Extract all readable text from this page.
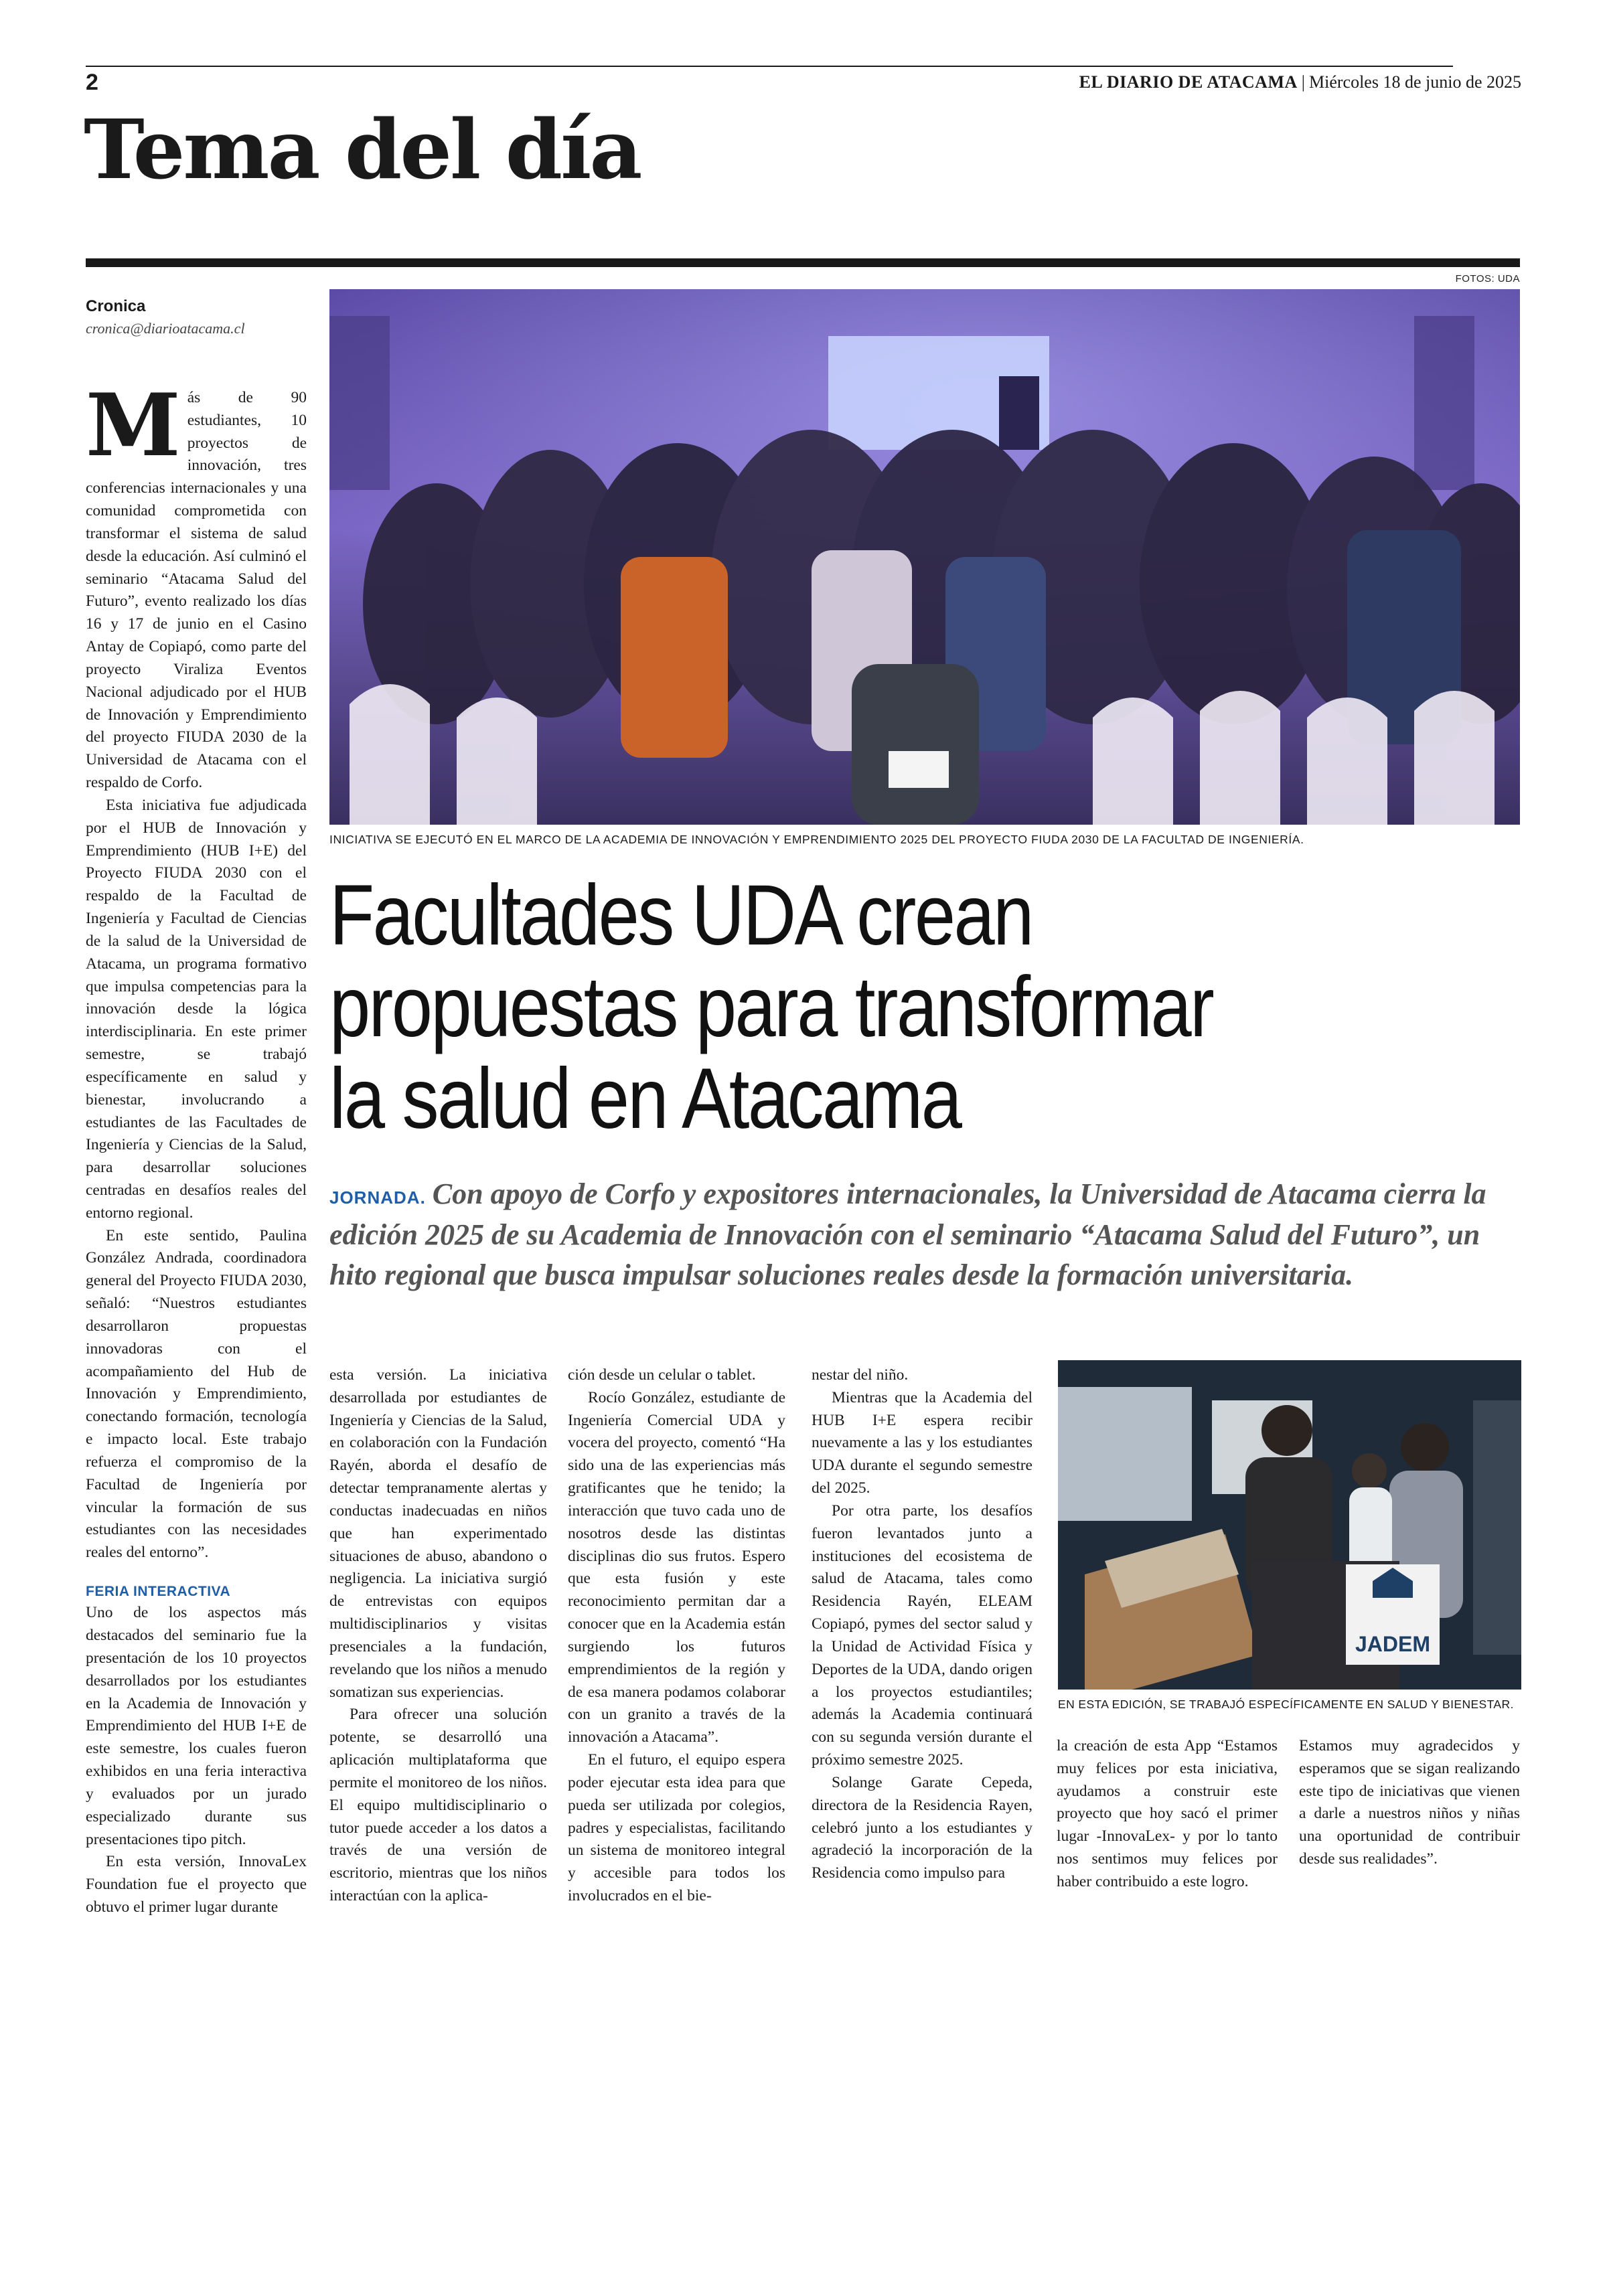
2	EL DIARIO DE ATACAMA | Miércoles 18 de junio de 2025
Tema del día
Cronica
cronica@diarioatacama.cl
FOTOS: UDA
INICIATIVA SE EJECUTÓ EN EL MARCO DE LA ACADEMIA DE INNOVACIÓN Y EMPRENDIMIENTO 2025 DEL PROYECTO FIUDA 2030 DE LA FACULTAD DE INGENIERÍA.
Facultades UDA crean
propuestas para transformar
la salud en Atacama
JORNADA. Con apoyo de Corfo y expositores internacionales, la Universidad de Atacama cierra la edición 2025 de su Academia de Innovación con el seminario “Atacama Salud del Futuro”, un hito regional que busca impulsar soluciones reales desde la formación universitaria.

Más de 90 estudiantes, 10 proyectos de innovación, tres conferencias internacionales y una comunidad comprometida con transformar el sistema de salud desde la educación. Así culminó el seminario “Atacama Salud del Futuro”, evento realizado los días 16 y 17 de junio en el Casino Antay de Copiapó, como parte del proyecto Viraliza Eventos Nacional adjudicado por el HUB de Innovación y Emprendimiento del proyecto FIUDA 2030 de la Universidad de Atacama con el respaldo de Corfo.

Esta iniciativa fue adjudicada por el HUB de Innovación y Emprendimiento (HUB I+E) del Proyecto FIUDA 2030 con el respaldo de la Facultad de Ingeniería y Facultad de Ciencias de la salud de la Universidad de Atacama, un programa formativo que impulsa competencias para la innovación desde la lógica interdisciplinaria. En este primer semestre, se trabajó específicamente en salud y bienestar, involucrando a estudiantes de las Facultades de Ingeniería y Ciencias de la Salud, para desarrollar soluciones centradas en desafíos reales del entorno regional.

En este sentido, Paulina González Andrada, coordinadora general del Proyecto FIUDA 2030, señaló: “Nuestros estudiantes desarrollaron propuestas innovadoras con el acompañamiento del Hub de Innovación y Emprendimiento, conectando formación, tecnología e impacto local. Este trabajo refuerza el compromiso de la Facultad de Ingeniería por vincular la formación de sus estudiantes con las necesidades reales del entorno”.

FERIA INTERACTIVA

Uno de los aspectos más destacados del seminario fue la presentación de los 10 proyectos desarrollados por los estudiantes en la Academia de Innovación y Emprendimiento del HUB I+E de este semestre, los cuales fueron exhibidos en una feria interactiva y evaluados por un jurado especializado durante sus presentaciones tipo pitch.

En esta versión, InnovaLex Foundation fue el proyecto que obtuvo el primer lugar durante

esta versión. La iniciativa desarrollada por estudiantes de Ingeniería y Ciencias de la Salud, en colaboración con la Fundación Rayén, aborda el desafío de detectar tempranamente alertas y conductas inadecuadas en niños que han experimentado situaciones de abuso, abandono o negligencia. La iniciativa surgió de entrevistas con equipos multidisciplinarios y visitas presenciales a la fundación, revelando que los niños a menudo somatizan sus experiencias.

Para ofrecer una solución potente, se desarrolló una aplicación multiplataforma que permite el monitoreo de los niños. El equipo multidisciplinario o tutor puede acceder a los datos a través de una versión de escritorio, mientras que los niños interactúan con la aplica-

ción desde un celular o tablet.

Rocío González, estudiante de Ingeniería Comercial UDA y vocera del proyecto, comentó “Ha sido una de las experiencias más gratificantes que he tenido; la interacción que tuvo cada uno de nosotros desde las distintas disciplinas dio sus frutos. Espero que esta fusión y este reconocimiento permitan dar a conocer que en la Academia están surgiendo los futuros emprendimientos de la región y de esa manera podamos colaborar con un granito a través de la innovación a Atacama”.

En el futuro, el equipo espera poder ejecutar esta idea para que pueda ser utilizada por colegios, padres y especialistas, facilitando un sistema de monitoreo integral y accesible para todos los involucrados en el bie-

nestar del niño.

Mientras que la Academia del HUB I+E espera recibir nuevamente a las y los estudiantes UDA durante el segundo semestre del 2025.

Por otra parte, los desafíos fueron levantados junto a instituciones del ecosistema de salud de Atacama, tales como Residencia Rayén, ELEAM Copiapó, pymes del sector salud y la Unidad de Actividad Física y Deportes de la UDA, dando origen a los proyectos estudiantiles; además la Academia continuará con su segunda versión durante el próximo semestre 2025.

Solange Garate Cepeda, directora de la Residencia Rayen, celebró junto a los estudiantes y agradeció la incorporación de la Residencia como impulso para

JADEM
EN ESTA EDICIÓN, SE TRABAJÓ ESPECÍFICAMENTE EN SALUD Y BIENESTAR.

la creación de esta App “Estamos muy felices por esta iniciativa, ayudamos a construir este proyecto que hoy sacó el primer lugar -InnovaLex- y por lo tanto nos sentimos muy felices por haber contribuido a este logro.

Estamos muy agradecidos y esperamos que se sigan realizando este tipo de iniciativas que vienen a darle a nuestros niños y niñas una oportunidad de contribuir desde sus realidades”.
